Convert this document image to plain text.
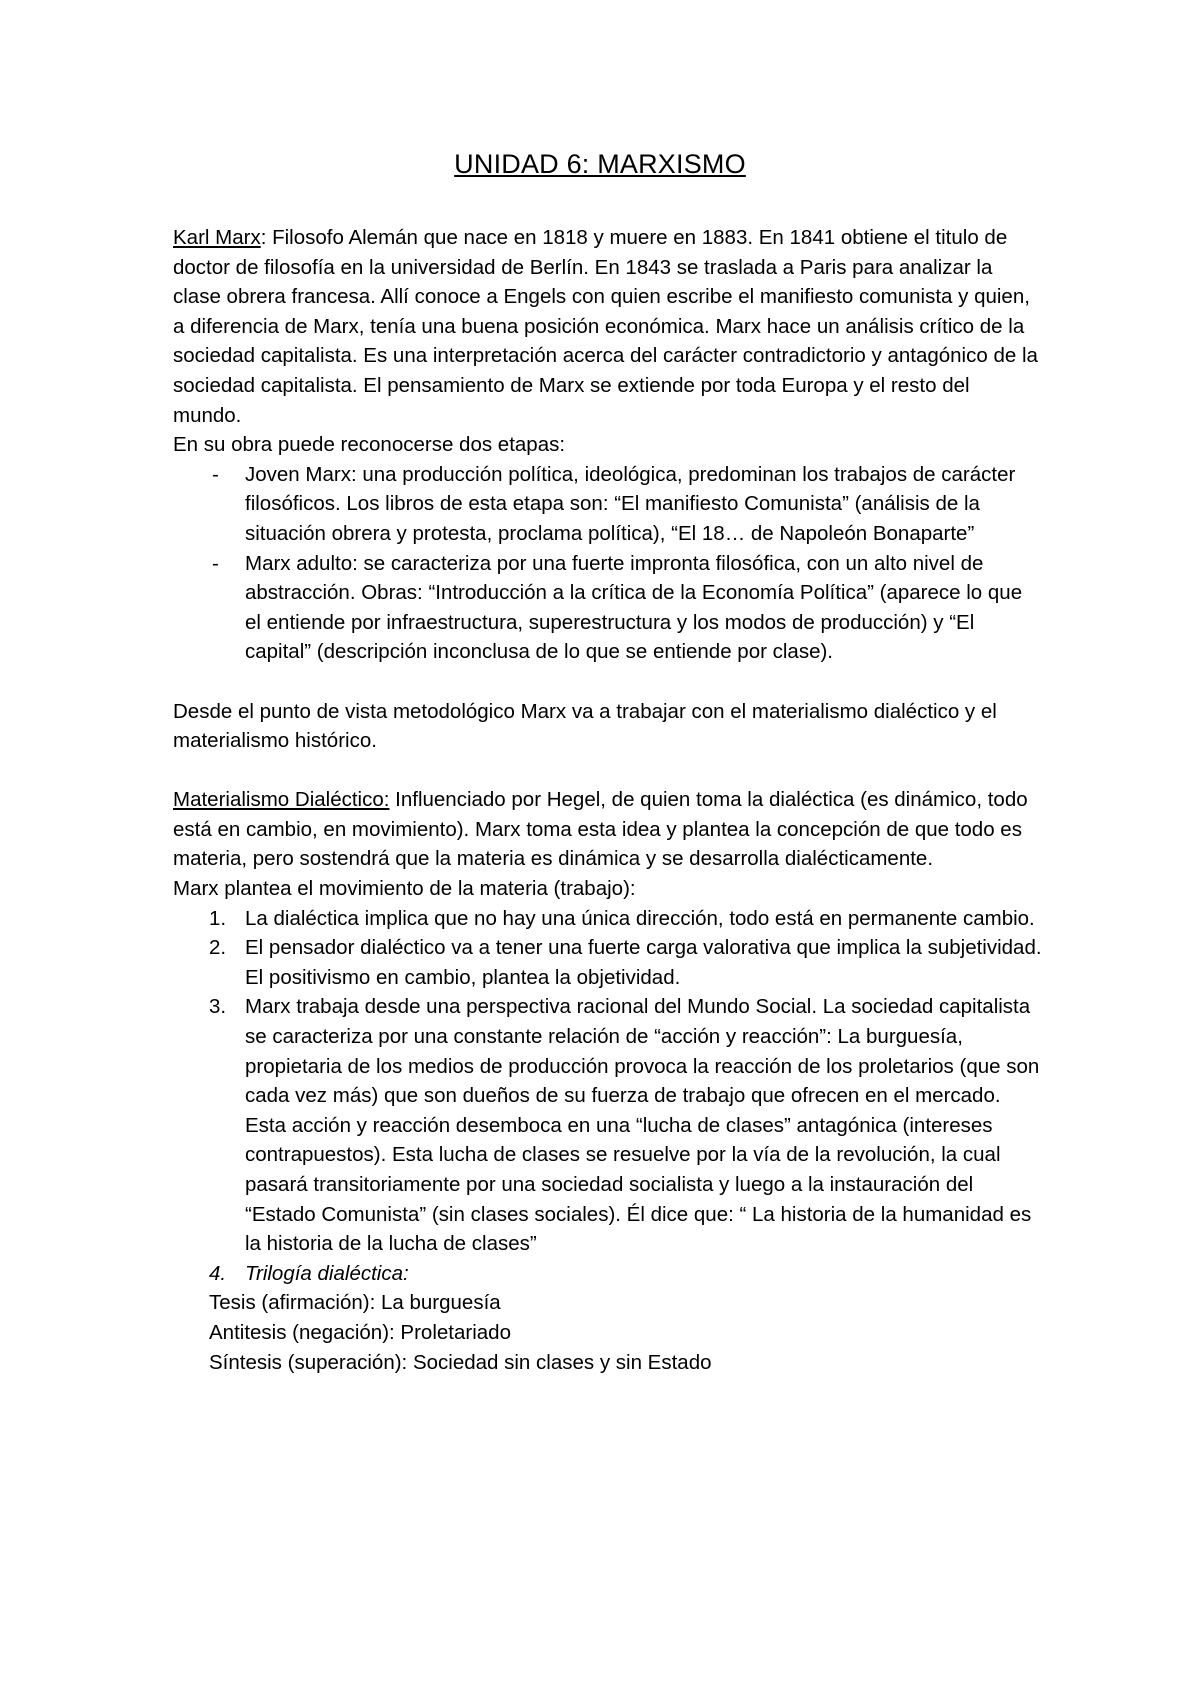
UNIDAD 6: MARXISMO

Karl Marx: Filosofo Alemán que nace en 1818 y muere en 1883. En 1841 obtiene el titulo de doctor de filosofía en la universidad de Berlín. En 1843 se traslada a Paris para analizar la clase obrera francesa. Allí conoce a Engels con quien escribe el manifiesto comunista y quien, a diferencia de Marx, tenía una buena posición económica. Marx hace un análisis crítico de la sociedad capitalista. Es una interpretación acerca del carácter contradictorio y antagónico de la sociedad capitalista. El pensamiento de Marx se extiende por toda Europa y el resto del mundo.

En su obra puede reconocerse dos etapas:

- Joven Marx: una producción política, ideológica, predominan los trabajos de carácter filosóficos. Los libros de esta etapa son: “El manifiesto Comunista” (análisis de la situación obrera y protesta, proclama política), “El 18… de Napoleón Bonaparte”
- Marx adulto: se caracteriza por una fuerte impronta filosófica, con un alto nivel de abstracción. Obras: “Introducción a la crítica de la Economía Política” (aparece lo que el entiende por infraestructura, superestructura y los modos de producción) y “El capital” (descripción inconclusa de lo que se entiende por clase).

Desde el punto de vista metodológico Marx va a trabajar con el materialismo dialéctico y el materialismo histórico.

Materialismo Dialéctico: Influenciado por Hegel, de quien toma la dialéctica (es dinámico, todo está en cambio, en movimiento). Marx toma esta idea y plantea la concepción de que todo es materia, pero sostendrá que la materia es dinámica y se desarrolla dialécticamente.

Marx plantea el movimiento de la materia (trabajo):

1. La dialéctica implica que no hay una única dirección, todo está en permanente cambio.
2. El pensador dialéctico va a tener una fuerte carga valorativa que implica la subjetividad. El positivismo en cambio, plantea la objetividad.
3. Marx trabaja desde una perspectiva racional del Mundo Social. La sociedad capitalista se caracteriza por una constante relación de “acción y reacción”: La burguesía, propietaria de los medios de producción provoca la reacción de los proletarios (que son cada vez más) que son dueños de su fuerza de trabajo que ofrecen en el mercado. Esta acción y reacción desemboca en una “lucha de clases” antagónica (intereses contrapuestos). Esta lucha de clases se resuelve por la vía de la revolución, la cual pasará transitoriamente por una sociedad socialista y luego a la instauración del “Estado Comunista” (sin clases sociales). Él dice que: “ La historia de la humanidad es la historia de la lucha de clases”
4. Trilogía dialéctica:

Tesis (afirmación): La burguesía

Antitesis (negación): Proletariado

Síntesis (superación): Sociedad sin clases y sin Estado
